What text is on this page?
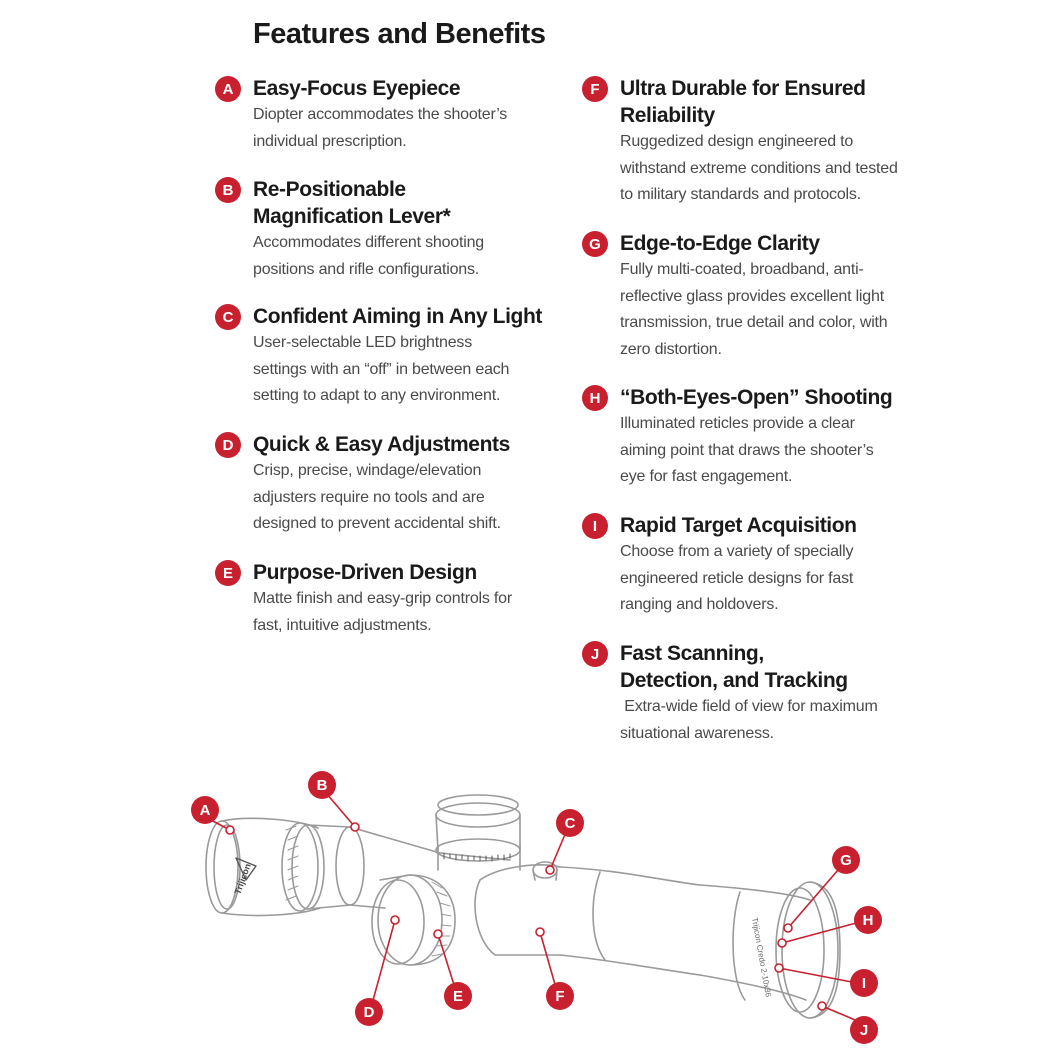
Features and Benefits
A Easy-Focus Eyepiece
Diopter accommodates the shooter’s individual prescription.
B Re-Positionable Magnification Lever*
Accommodates different shooting positions and rifle configurations.
C Confident Aiming in Any Light
User-selectable LED brightness settings with an “off” in between each setting to adapt to any environment.
D Quick & Easy Adjustments
Crisp, precise, windage/elevation adjusters require no tools and are designed to prevent accidental shift.
E Purpose-Driven Design
Matte finish and easy-grip controls for fast, intuitive adjustments.
F Ultra Durable for Ensured Reliability
Ruggedized design engineered to withstand extreme conditions and tested to military standards and protocols.
G Edge-to-Edge Clarity
Fully multi-coated, broadband, anti-reflective glass provides excellent light transmission, true detail and color, with zero distortion.
H “Both-Eyes-Open” Shooting
Illuminated reticles provide a clear aiming point that draws the shooter’s eye for fast engagement.
I	Rapid Target Acquisition
Choose from a variety of specially engineered reticle designs for fast ranging and holdovers.
J Fast Scanning, Detection, and Tracking
Extra-wide field of view for maximum situational awareness.
Trijicon Credo 2-10x36
Trijicon
A
B
C
D
E	F
G
H
I
J
